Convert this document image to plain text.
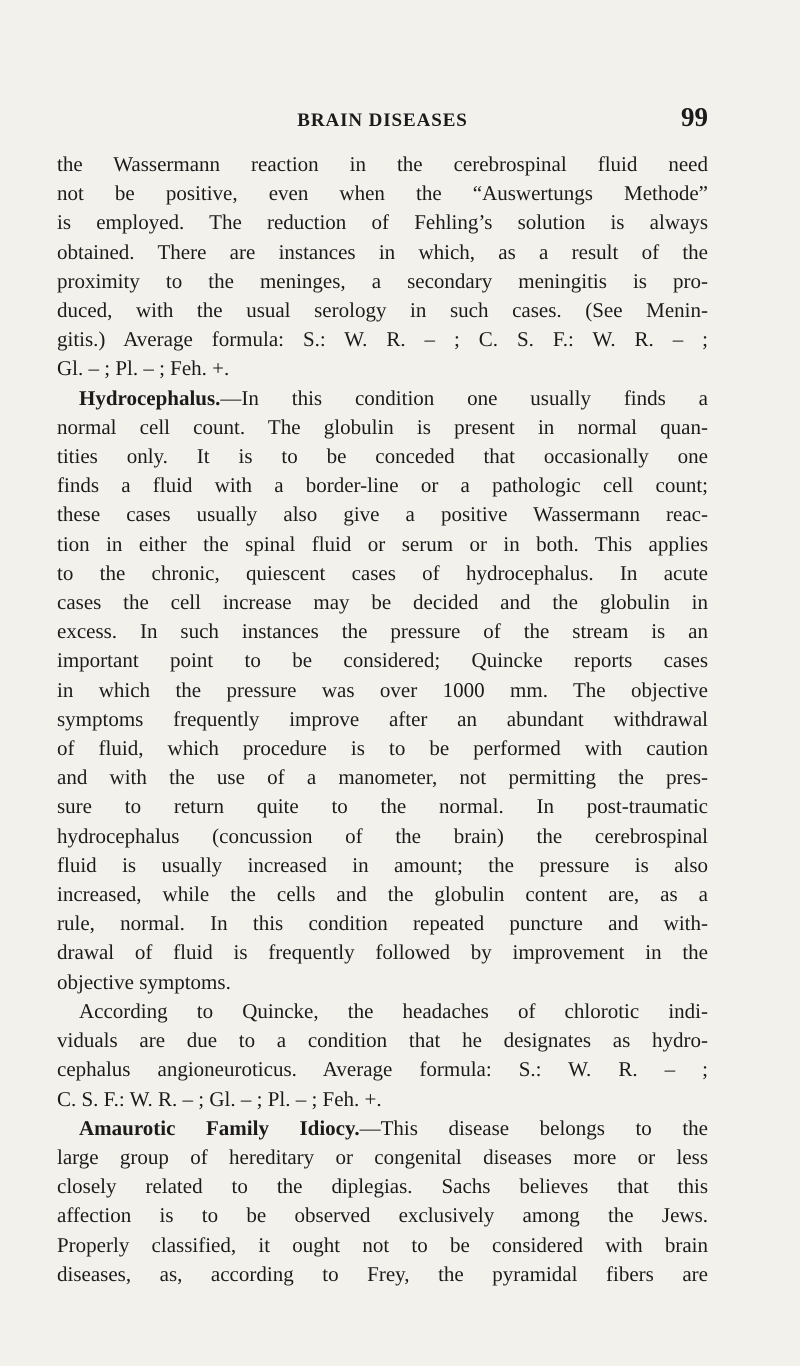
BRAIN DISEASES	99

the Wassermann reaction in the cerebrospinal fluid need
not be positive, even when the “Auswertungs Methode”
is employed. The reduction of Fehling’s solution is always
obtained. There are instances in which, as a result of the
proximity to the meninges, a secondary meningitis is pro-
duced, with the usual serology in such cases. (See Menin-
gitis.) Average formula: S.: W. R. – ; C. S. F.: W. R. – ;
Gl. – ; Pl. – ; Feh. +.

Hydrocephalus.—In this condition one usually finds a
normal cell count. The globulin is present in normal quan-
tities only. It is to be conceded that occasionally one
finds a fluid with a border-line or a pathologic cell count;
these cases usually also give a positive Wassermann reac-
tion in either the spinal fluid or serum or in both. This applies
to the chronic, quiescent cases of hydrocephalus. In acute
cases the cell increase may be decided and the globulin in
excess. In such instances the pressure of the stream is an
important point to be considered; Quincke reports cases
in which the pressure was over 1000 mm. The objective
symptoms frequently improve after an abundant withdrawal
of fluid, which procedure is to be performed with caution
and with the use of a manometer, not permitting the pres-
sure to return quite to the normal. In post-traumatic
hydrocephalus (concussion of the brain) the cerebrospinal
fluid is usually increased in amount; the pressure is also
increased, while the cells and the globulin content are, as a
rule, normal. In this condition repeated puncture and with-
drawal of fluid is frequently followed by improvement in the
objective symptoms.

According to Quincke, the headaches of chlorotic indi-
viduals are due to a condition that he designates as hydro-
cephalus angioneuroticus. Average formula: S.: W. R. – ;
C. S. F.: W. R. – ; Gl. – ; Pl. – ; Feh. +.

Amaurotic Family Idiocy.—This disease belongs to the
large group of hereditary or congenital diseases more or less
closely related to the diplegias. Sachs believes that this
affection is to be observed exclusively among the Jews.
Properly classified, it ought not to be considered with brain
diseases, as, according to Frey, the pyramidal fibers are
